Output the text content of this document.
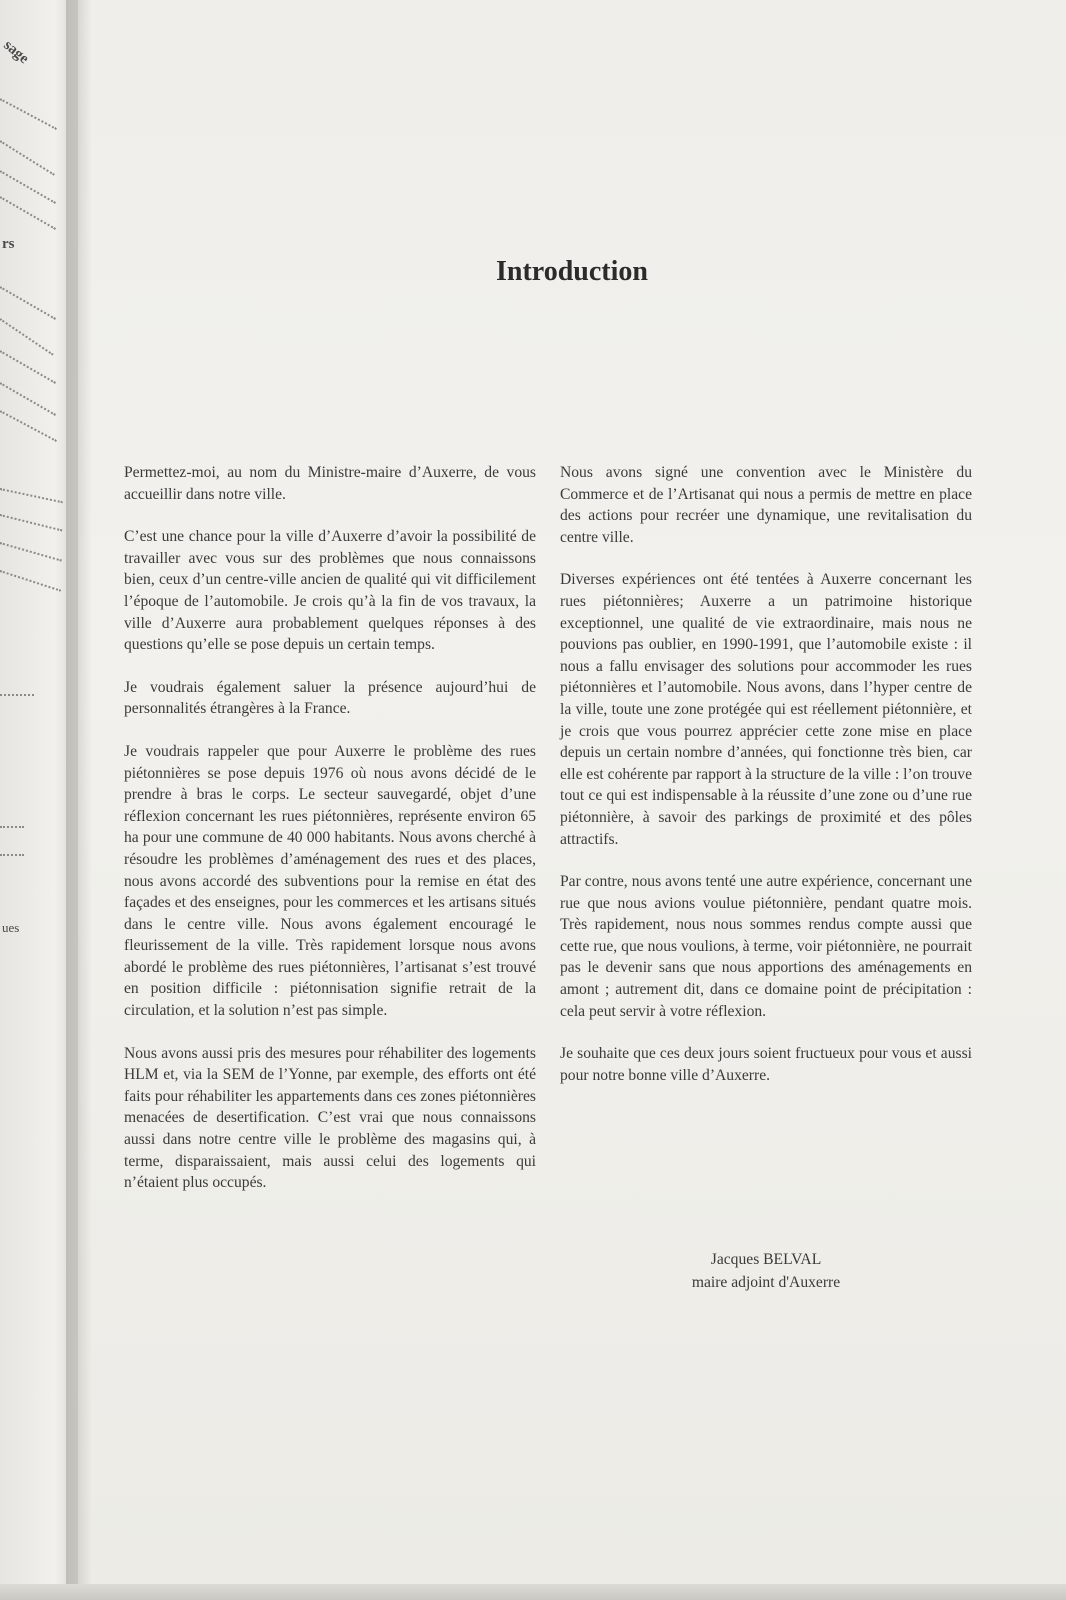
sage
rs
ues
Introduction

Permettez-moi, au nom du Ministre-maire d’Auxerre, de vous accueillir dans notre ville.

C’est une chance pour la ville d’Auxerre d’avoir la possibilité de travailler avec vous sur des problèmes que nous connaissons bien, ceux d’un centre-ville ancien de qualité qui vit difficilement l’époque de l’automobile. Je crois qu’à la fin de vos travaux, la ville d’Auxerre aura probablement quelques réponses à des questions qu’elle se pose depuis un certain temps.

Je voudrais également saluer la présence aujourd’hui de personnalités étrangères à la France.

Je voudrais rappeler que pour Auxerre le problème des rues piétonnières se pose depuis 1976 où nous avons décidé de le prendre à bras le corps. Le secteur sauvegardé, objet d’une réflexion concernant les rues piétonnières, représente environ 65 ha pour une commune de 40 000 habitants. Nous avons cherché à résoudre les problèmes d’aménagement des rues et des places, nous avons accordé des subventions pour la remise en état des façades et des enseignes, pour les commerces et les artisans situés dans le centre ville. Nous avons également encouragé le fleurissement de la ville. Très rapidement lorsque nous avons abordé le problème des rues piétonnières, l’artisanat s’est trouvé en position difficile : piétonnisation signifie retrait de la circulation, et la solution n’est pas simple.

Nous avons aussi pris des mesures pour réhabiliter des logements HLM et, via la SEM de l’Yonne, par exemple, des efforts ont été faits pour réhabiliter les appartements dans ces zones piétonnières menacées de desertification. C’est vrai que nous connaissons aussi dans notre centre ville le problème des magasins qui, à terme, disparaissaient, mais aussi celui des logements qui n’étaient plus occupés.

Nous avons signé une convention avec le Ministère du Commerce et de l’Artisanat qui nous a permis de mettre en place des actions pour recréer une dynamique, une revitalisation du centre ville.

Diverses expériences ont été tentées à Auxerre concernant les rues piétonnières; Auxerre a un patrimoine historique exceptionnel, une qualité de vie extraordinaire, mais nous ne pouvions pas oublier, en 1990-1991, que l’automobile existe : il nous a fallu envisager des solutions pour accommoder les rues piétonnières et l’automobile. Nous avons, dans l’hyper centre de la ville, toute une zone protégée qui est réellement piétonnière, et je crois que vous pourrez apprécier cette zone mise en place depuis un certain nombre d’années, qui fonctionne très bien, car elle est cohérente par rapport à la structure de la ville : l’on trouve tout ce qui est indispensable à la réussite d’une zone ou d’une rue piétonnière, à savoir des parkings de proximité et des pôles attractifs.

Par contre, nous avons tenté une autre expérience, concernant une rue que nous avions voulue piétonnière, pendant quatre mois. Très rapidement, nous nous sommes rendus compte aussi que cette rue, que nous voulions, à terme, voir piétonnière, ne pourrait pas le devenir sans que nous apportions des aménagements en amont ; autrement dit, dans ce domaine point de précipitation : cela peut servir à votre réflexion.

Je souhaite que ces deux jours soient fructueux pour vous et aussi pour notre bonne ville d’Auxerre.

Jacques BELVAL
maire adjoint d'Auxerre
